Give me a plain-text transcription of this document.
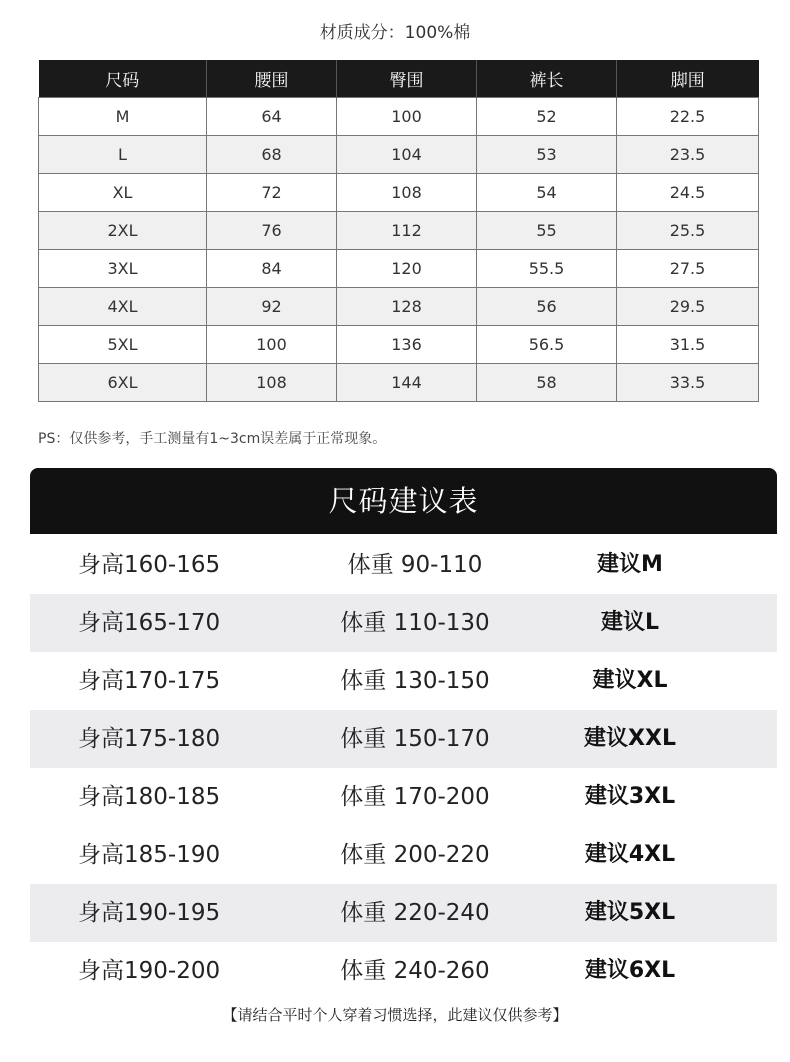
材质成分：100%棉
尺码	腰围	臀围	裤长	脚围
M	64	100	52	22.5
L	68	104	53	23.5
XL	72	108	54	24.5
2XL	76	112	55	25.5
3XL	84	120	55.5	27.5
4XL	92	128	56	29.5
5XL	100	136	56.5	31.5
6XL	108	144	58	33.5
PS：仅供参考，手工测量有1~3cm误差属于正常现象。
尺码建议表
身高160-165	体重 90-110	建议M
身高165-170	体重 110-130	建议L
身高170-175	体重 130-150	建议XL
身高175-180	体重 150-170	建议XXL
身高180-185	体重 170-200	建议3XL
身高185-190	体重 200-220	建议4XL
身高190-195	体重 220-240	建议5XL
身高190-200	体重 240-260	建议6XL
【请结合平时个人穿着习惯选择，此建议仅供参考】
